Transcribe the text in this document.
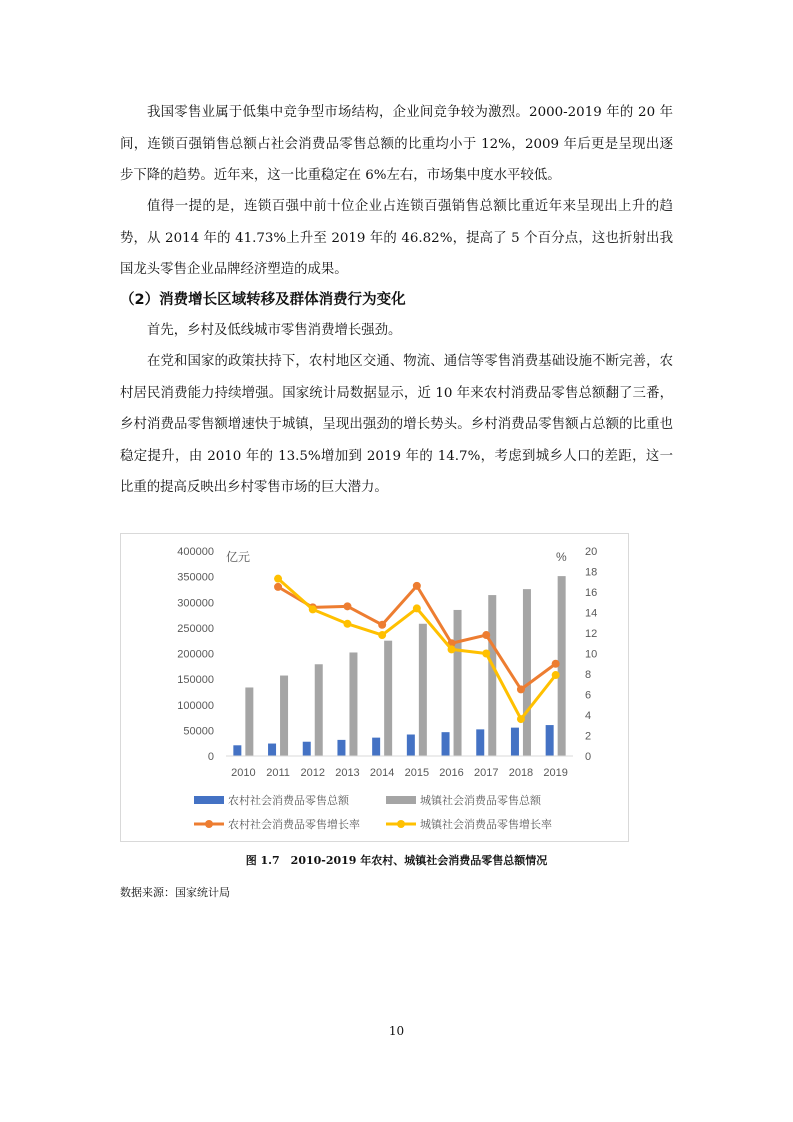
我国零售业属于低集中竞争型市场结构，企业间竞争较为激烈。2000-2019 年的 20 年间，连锁百强销售总额占社会消费品零售总额的比重均小于 12%，2009 年后更是呈现出逐步下降的趋势。近年来，这一比重稳定在 6%左右，市场集中度水平较低。

值得一提的是，连锁百强中前十位企业占连锁百强销售总额比重近年来呈现出上升的趋势，从 2014 年的 41.73%上升至 2019 年的 46.82%，提高了 5 个百分点，这也折射出我国龙头零售企业品牌经济塑造的成果。

（2）消费增长区域转移及群体消费行为变化

首先，乡村及低线城市零售消费增长强劲。

在党和国家的政策扶持下，农村地区交通、物流、通信等零售消费基础设施不断完善，农村居民消费能力持续增强。国家统计局数据显示，近 10 年来农村消费品零售总额翻了三番，乡村消费品零售额增速快于城镇，呈现出强劲的增长势头。乡村消费品零售额占总额的比重也稳定提升，由 2010 年的 13.5%增加到 2019 年的 14.7%，考虑到城乡人口的差距，这一比重的提高反映出乡村零售市场的巨大潜力。

0
50000
100000
150000
200000
250000
300000
350000
400000
0
2
4
6
8
10
12
14
16
18
20
2010 2011 2012 2013 2014 2015 2016 2017 2018 2019
亿元	%
农村社会消费品零售总额	城镇社会消费品零售总额
农村社会消费品零售增长率	城镇社会消费品零售增长率
图 1.7　2010-2019 年农村、城镇社会消费品零售总额情况
数据来源：国家统计局
10
